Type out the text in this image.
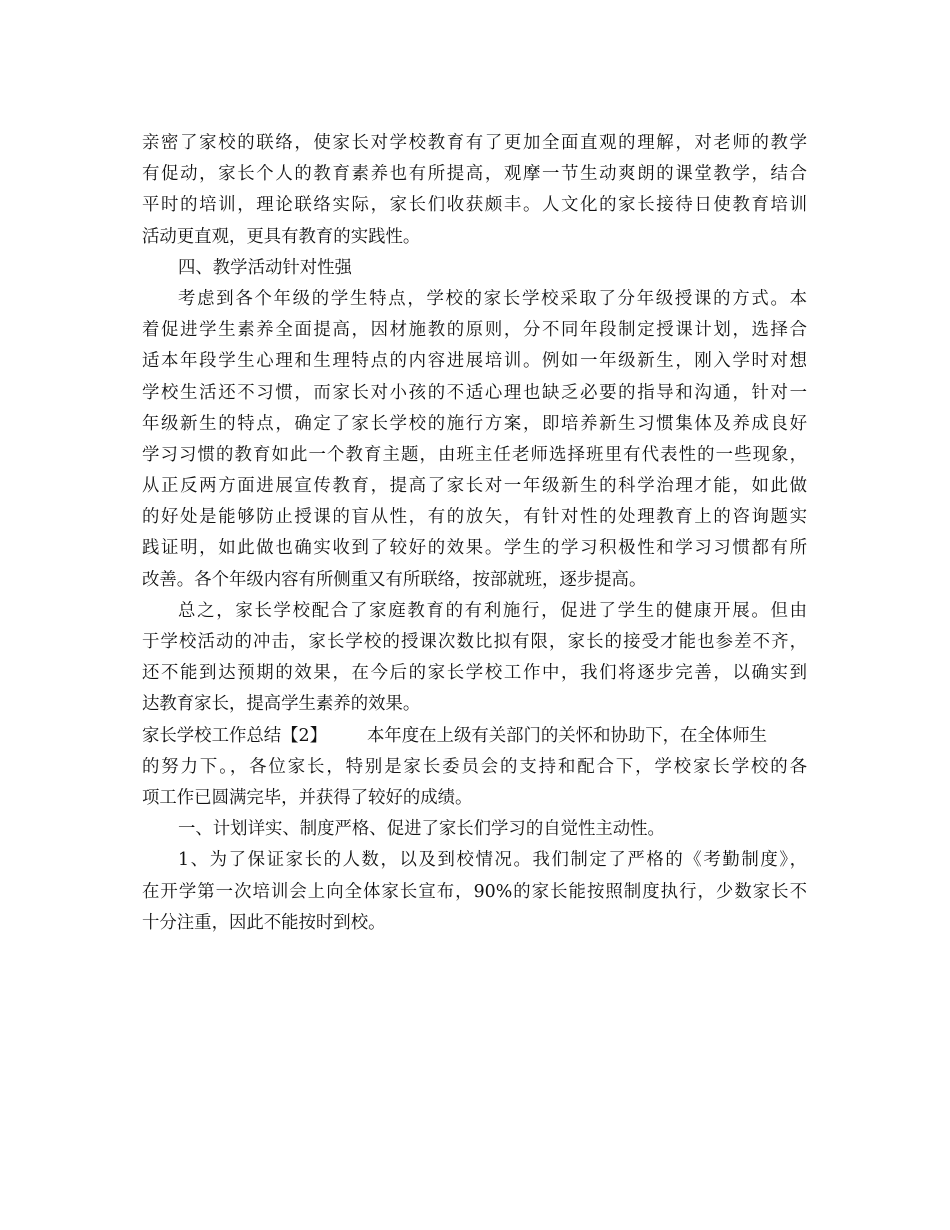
亲密了家校的联络，使家长对学校教育有了更加全面直观的理解，对老师的教学
有促动，家长个人的教育素养也有所提高，观摩一节生动爽朗的课堂教学，结合
平时的培训，理论联络实际，家长们收获颇丰。人文化的家长接待日使教育培训
活动更直观，更具有教育的实践性。
四、教学活动针对性强
考虑到各个年级的学生特点，学校的家长学校采取了分年级授课的方式。本
着促进学生素养全面提高，因材施教的原则，分不同年段制定授课计划，选择合
适本年段学生心理和生理特点的内容进展培训。例如一年级新生，刚入学时对想
学校生活还不习惯，而家长对小孩的不适心理也缺乏必要的指导和沟通，针对一
年级新生的特点，确定了家长学校的施行方案，即培养新生习惯集体及养成良好
学习习惯的教育如此一个教育主题，由班主任老师选择班里有代表性的一些现象，
从正反两方面进展宣传教育，提高了家长对一年级新生的科学治理才能，如此做
的好处是能够防止授课的盲从性，有的放矢，有针对性的处理教育上的咨询题实
践证明，如此做也确实收到了较好的效果。学生的学习积极性和学习习惯都有所
改善。各个年级内容有所侧重又有所联络，按部就班，逐步提高。
总之，家长学校配合了家庭教育的有利施行，促进了学生的健康开展。但由
于学校活动的冲击，家长学校的授课次数比拟有限，家长的接受才能也参差不齐，
还不能到达预期的效果，在今后的家长学校工作中，我们将逐步完善，以确实到
达教育家长，提高学生素养的效果。
家长学校工作总结【2】 本年度在上级有关部门的关怀和协助下，在全体师生
的努力下。，各位家长，特别是家长委员会的支持和配合下，学校家长学校的各
项工作已圆满完毕，并获得了较好的成绩。
一、计划详实、制度严格、促进了家长们学习的自觉性主动性。
1、为了保证家长的人数，以及到校情况。我们制定了严格的《考勤制度》，
在开学第一次培训会上向全体家长宣布，90%的家长能按照制度执行，少数家长不
十分注重，因此不能按时到校。
